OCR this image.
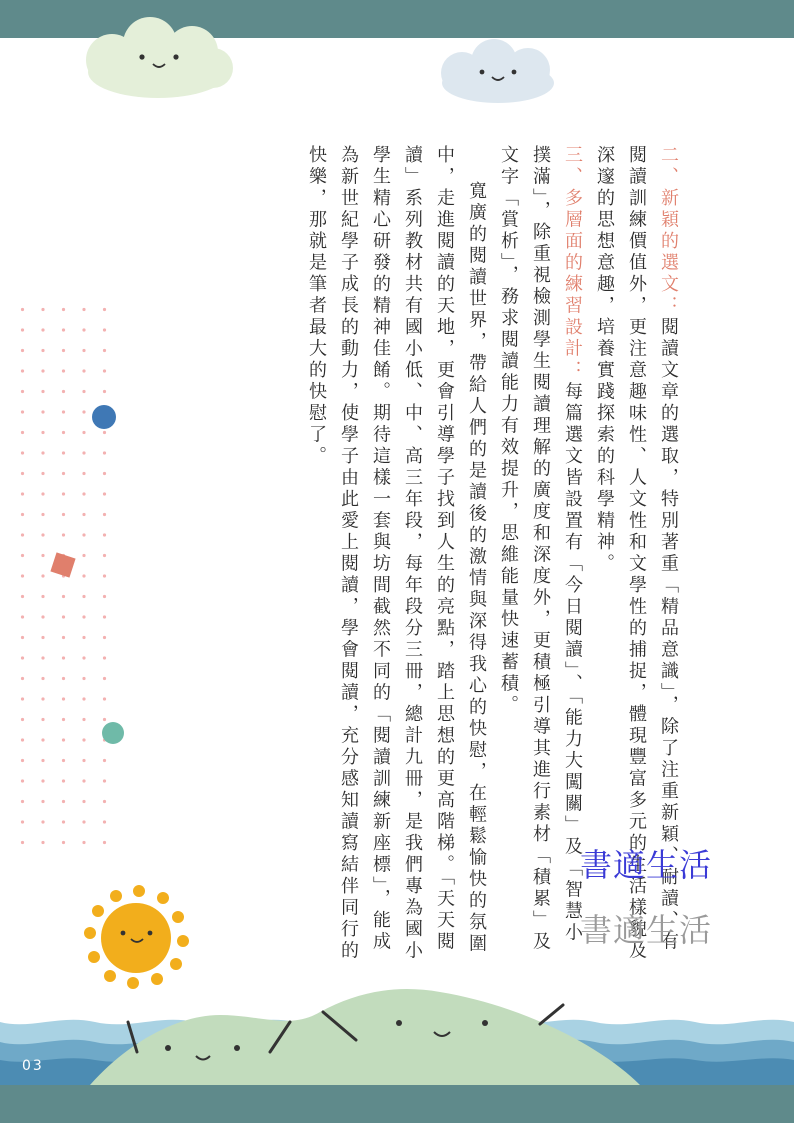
二、新穎的選文：閱讀文章的選取，特別著重「精品意識」，除了注重新穎、耐讀、有閱讀訓練價值外，更注意趣味性、人文性和文學性的捕捉，體現豐富多元的生活樣貌及深邃的思想意趣，培養實踐探索的科學精神。

三、多層面的練習設計：每篇選文皆設置有「今日閱讀」、「能力大闖關」及「智慧小撲滿」，除重視檢測學生閱讀理解的廣度和深度外，更積極引導其進行素材「積累」及文字「賞析」，務求閱讀能力有效提升，思維能量快速蓄積。

寬廣的閱讀世界，帶給人們的是讀後的激情與深得我心的快慰，在輕鬆愉快的氛圍中，走進閱讀的天地，更會引導學子找到人生的亮點，踏上思想的更高階梯。「天天閱讀」系列教材共有國小低、中、高三年段，每年段分三冊，總計九冊，是我們專為國小學生精心研發的精神佳餚。期待這樣一套與坊間截然不同的「閱讀訓練新座標」，能成為新世紀學子成長的動力，使學子由此愛上閱讀，學會閱讀，充分感知讀寫結伴同行的快樂，那就是筆者最大的快慰了。

書適生活
書適生活
03
